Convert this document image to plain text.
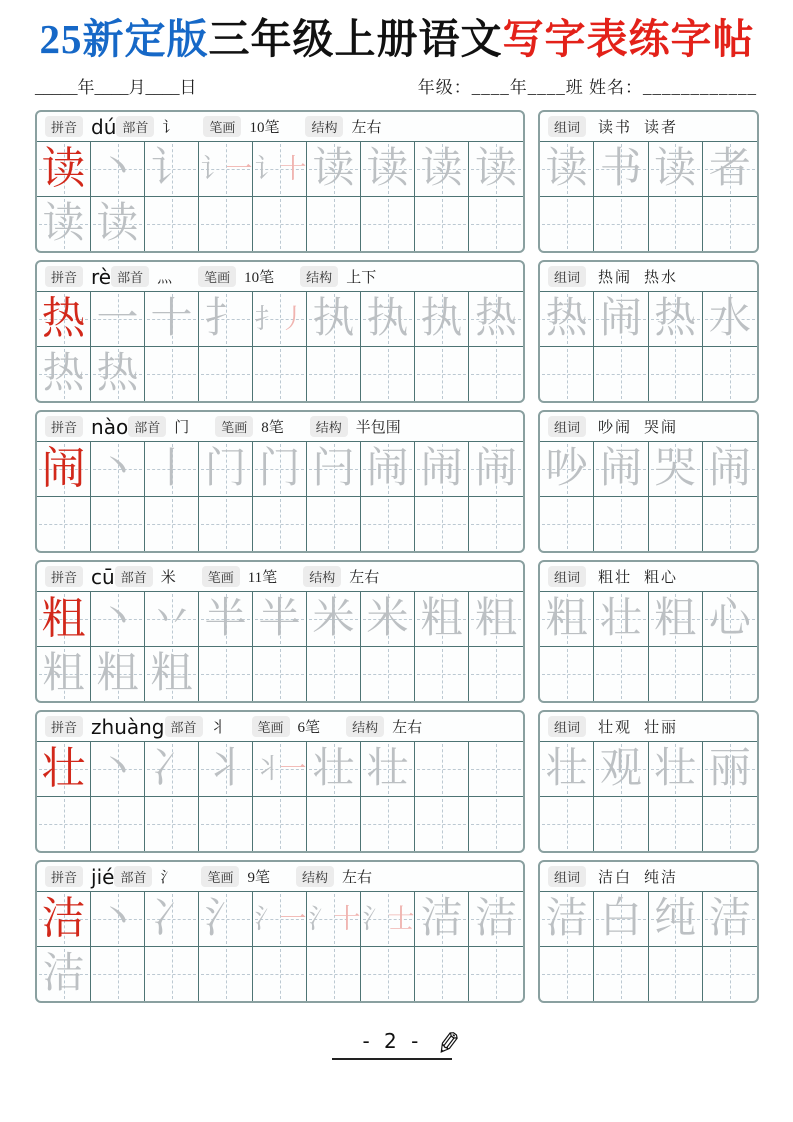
25新定版三年级上册语文写字表练字帖
_____年____月____日	年级：____年____班 姓名：____________
拼音 dú 部首 讠	笔画 10笔	结构 左右
读 丶 讠 讠 一 讠 十 读 读 读 读
读 读
组词	读书 读者
读 书 读 者
拼音 rè 部首 灬	笔画 10笔	结构 上下
热 一 十 扌 扌 丿 执 执 执 热
热 热
组词	热闹 热水
热 闹 热 水
拼音 nào 部首 门	笔画 8笔	结构 半包围
闹 丶 丨 门 门 闩 闹 闹 闹
组词	吵闹 哭闹
吵 闹 哭 闹
拼音 cū 部首 米	笔画 11笔	结构 左右
粗 丶 丷 半 半 米 米 粗 粗
粗 粗 粗
组词	粗壮 粗心
粗 壮 粗 心
拼音 zhuàng 部首 丬	笔画 6笔	结构 左右
壮 丶 冫 丬 丬 一 壮 壮
组词	壮观 壮丽
壮 观 壮 丽
拼音 jié 部首 氵	笔画 9笔	结构 左右
洁 丶 冫 氵 氵 一 氵 十 氵 士 洁 洁
洁
组词	洁白 纯洁
洁 白 纯 洁
- 2 - ✎
